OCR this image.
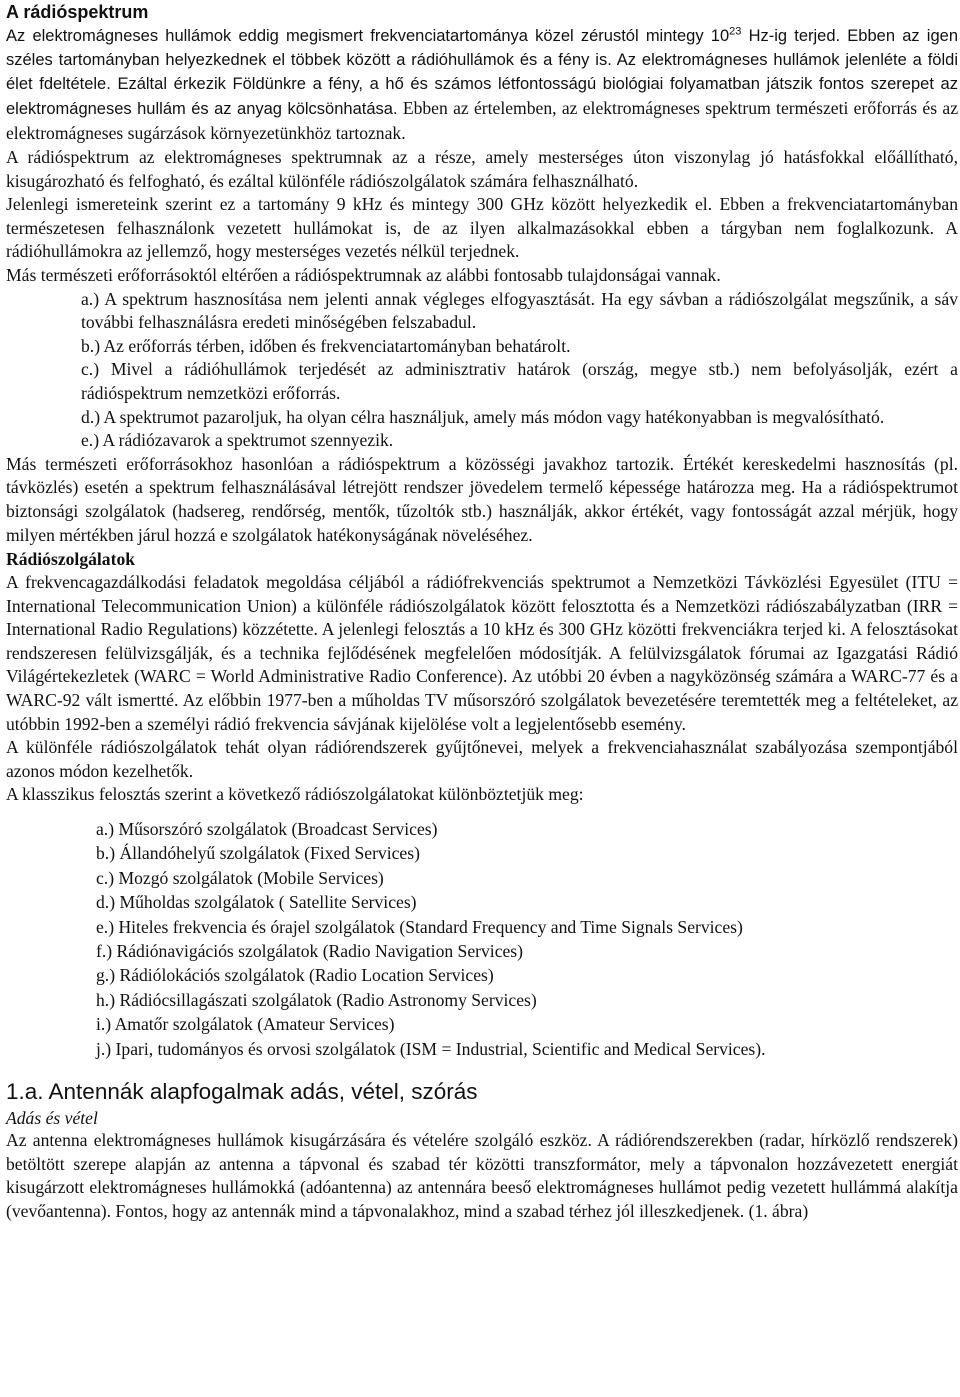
A rádióspektrum

Az elektromágneses hullámok eddig megismert frekvenciatartománya közel zérustól mintegy $10^{23}$ Hz-ig terjed. Ebben az igen széles tartományban helyezkednek el többek között a rádióhullámok és a fény is. Az elektromágneses hullámok jelenléte a földi élet fdeltétele. Ezáltal érkezik Földünkre a fény, a hő és számos létfontosságú biológiai folyamatban játszik fontos szerepet az elektromágneses hullám és az anyag kölcsönhatása. Ebben az értelemben, az elektromágneses spektrum természeti erőforrás és az elektromágneses sugárzások környezetünkhöz tartoznak.

A rádióspektrum az elektromágneses spektrumnak az a része, amely mesterséges úton viszonylag jó hatásfokkal előállítható, kisugározható és felfogható, és ezáltal különféle rádiószolgálatok számára felhasználható.

Jelenlegi ismereteink szerint ez a tartomány 9 kHz és mintegy 300 GHz között helyezkedik el. Ebben a frekvenciatartományban természetesen felhasználonk vezetett hullámokat is, de az ilyen alkalmazásokkal ebben a tárgyban nem foglalkozunk. A rádióhullámokra az jellemző, hogy mesterséges vezetés nélkül terjednek.

Más természeti erőforrásoktól eltérően a rádióspektrumnak az alábbi fontosabb tulajdonságai vannak.

a.) A spektrum hasznosítása nem jelenti annak végleges elfogyasztását. Ha egy sávban a rádiószolgálat megszűnik, a sáv további felhasználásra eredeti minőségében felszabadul.
b.) Az erőforrás térben, időben és frekvenciatartományban behatárolt.
c.) Mivel a rádióhullámok terjedését az adminisztrativ határok (ország, megye stb.) nem befolyásolják, ezért a rádióspektrum nemzetközi erőforrás.
d.) A spektrumot pazaroljuk, ha olyan célra használjuk, amely más módon vagy hatékonyabban is megvalósítható.
e.) A rádiózavarok a spektrumot szennyezik.

Más természeti erőforrásokhoz hasonlóan a rádióspektrum a közösségi javakhoz tartozik. Értékét kereskedelmi hasznosítás (pl. távközlés) esetén a spektrum felhasználásával létrejött rendszer jövedelem termelő képessége határozza meg. Ha a rádióspektrumot biztonsági szolgálatok (hadsereg, rendőrség, mentők, tűzoltók stb.) használják, akkor értékét, vagy fontosságát azzal mérjük, hogy milyen mértékben járul hozzá e szolgálatok hatékonyságának növeléséhez.

Rádiószolgálatok

A frekvencagazdálkodási feladatok megoldása céljából a rádiófrekvenciás spektrumot a Nemzetközi Távközlési Egyesület (ITU = International Telecommunication Union) a különféle rádiószolgálatok között felosztotta és a Nemzetközi rádiószabályzatban (IRR = International Radio Regulations) közzétette. A jelenlegi felosztás a 10 kHz és 300 GHz közötti frekvenciákra terjed ki. A felosztásokat rendszeresen felülvizsgálják, és a technika fejlődésének megfelelően módosítják. A felülvizsgálatok fórumai az Igazgatási Rádió Világértekezletek (WARC = World Administrative Radio Conference). Az utóbbi 20 évben a nagyközönség számára a WARC-77 és a WARC-92 vált ismertté. Az előbbin 1977-ben a műholdas TV műsorszóró szolgálatok bevezetésére teremtették meg a feltételeket, az utóbbin 1992-ben a személyi rádió frekvencia sávjának kijelölése volt a legjelentősebb esemény.

A különféle rádiószolgálatok tehát olyan rádiórendszerek gyűjtőnevei, melyek a frekvenciahasználat szabályozása szempontjából azonos módon kezelhetők.

A klasszikus felosztás szerint a következő rádiószolgálatokat különböztetjük meg:

a.) Műsorszóró szolgálatok (Broadcast Services)
b.) Állandóhelyű szolgálatok (Fixed Services)
c.) Mozgó szolgálatok (Mobile Services)
d.) Műholdas szolgálatok ( Satellite Services)
e.) Hiteles frekvencia és órajel szolgálatok (Standard Frequency and Time Signals Services)
f.) Rádiónavigációs szolgálatok (Radio Navigation Services)
g.) Rádiólokációs szolgálatok (Radio Location Services)
h.) Rádiócsillagászati szolgálatok (Radio Astronomy Services)
i.) Amatőr szolgálatok (Amateur Services)
j.) Ipari, tudományos és orvosi szolgálatok (ISM = Industrial, Scientific and Medical Services).
1.a. Antennák alapfogalmak adás, vétel, szórás
Adás és vétel

Az antenna elektromágneses hullámok kisugárzására és vételére szolgáló eszköz. A rádiórendszerekben (radar, hírközlő rendszerek) betöltött szerepe alapján az antenna a tápvonal és szabad tér közötti transzformátor, mely a tápvonalon hozzávezetett energiát kisugárzott elektromágneses hullámokká (adóantenna) az antennára beeső elektromágneses hullámot pedig vezetett hullámmá alakítja (vevőantenna). Fontos, hogy az antennák mind a tápvonalakhoz, mind a szabad térhez jól illeszkedjenek. (1. ábra)
